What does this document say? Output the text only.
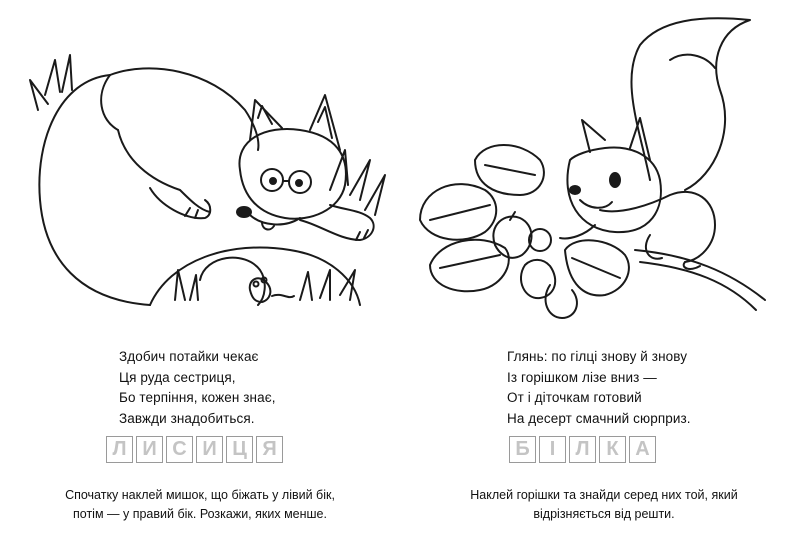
Здобич потайки чекає
Ця руда сестриця,
Бо терпіння, кожен знає,
Завжди знадобиться.
Л И С И Ц Я
Спочатку наклей мишок, що біжать у лівий бік,
потім — у правий бік. Розкажи, яких менше.
Глянь: по гілці знову й знову
Із горішком лізе вниз —
От і діточкам готовий
На десерт смачний сюрприз.
Б	І	Л К А
Наклей горішки та знайди серед них той, який
відрізняється від решти.
